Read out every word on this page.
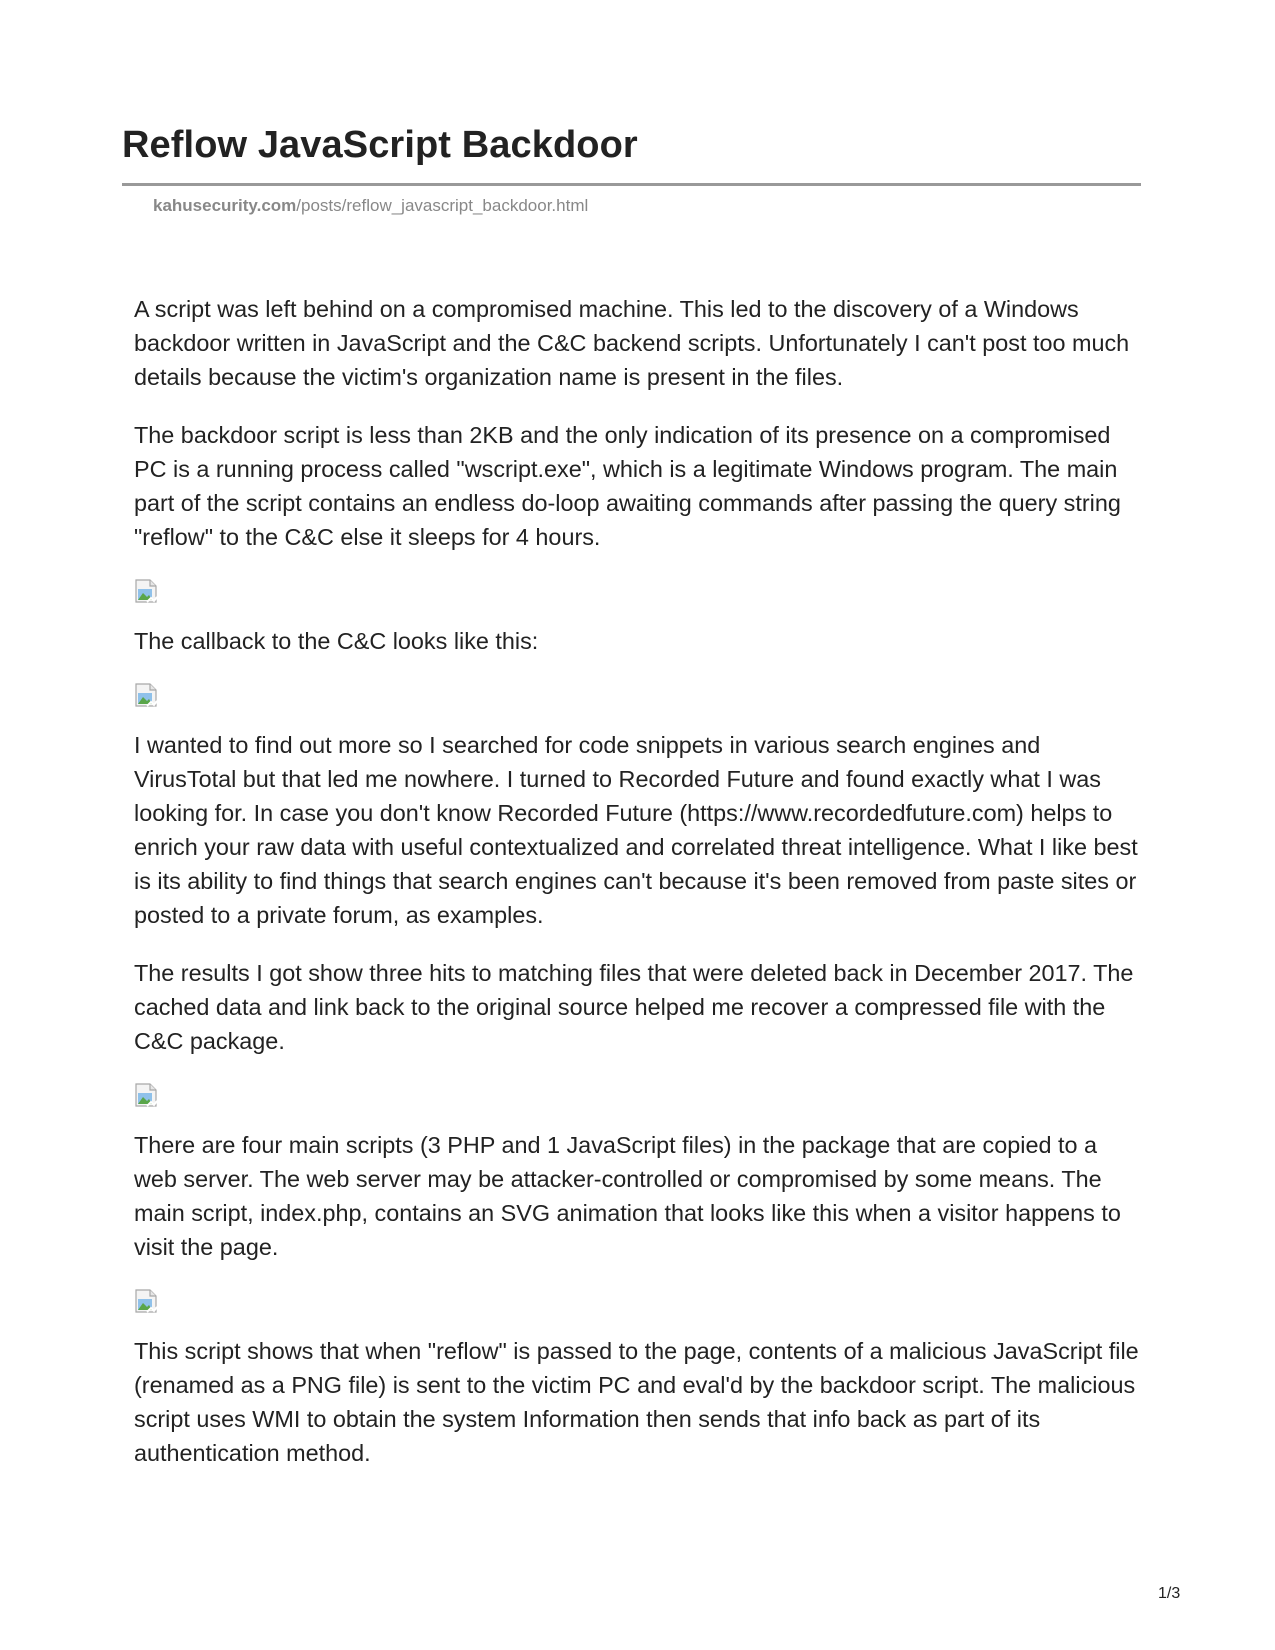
Reflow JavaScript Backdoor
kahusecurity.com/posts/reflow_javascript_backdoor.html

A script was left behind on a compromised machine. This led to the discovery of a Windows backdoor written in JavaScript and the C&C backend scripts. Unfortunately I can't post too much details because the victim's organization name is present in the files.

The backdoor script is less than 2KB and the only indication of its presence on a compromised PC is a running process called "wscript.exe", which is a legitimate Windows program. The main part of the script contains an endless do-loop awaiting commands after passing the query string "reflow" to the C&C else it sleeps for 4 hours.

The callback to the C&C looks like this:

I wanted to find out more so I searched for code snippets in various search engines and VirusTotal but that led me nowhere. I turned to Recorded Future and found exactly what I was looking for. In case you don't know Recorded Future (https://www.recordedfuture.com) helps to enrich your raw data with useful contextualized and correlated threat intelligence. What I like best is its ability to find things that search engines can't because it's been removed from paste sites or posted to a private forum, as examples.

The results I got show three hits to matching files that were deleted back in December 2017. The cached data and link back to the original source helped me recover a compressed file with the C&C package.

There are four main scripts (3 PHP and 1 JavaScript files) in the package that are copied to a web server. The web server may be attacker-controlled or compromised by some means. The main script, index.php, contains an SVG animation that looks like this when a visitor happens to visit the page.

This script shows that when "reflow" is passed to the page, contents of a malicious JavaScript file (renamed as a PNG file) is sent to the victim PC and eval'd by the backdoor script. The malicious script uses WMI to obtain the system Information then sends that info back as part of its authentication method.

1/3
